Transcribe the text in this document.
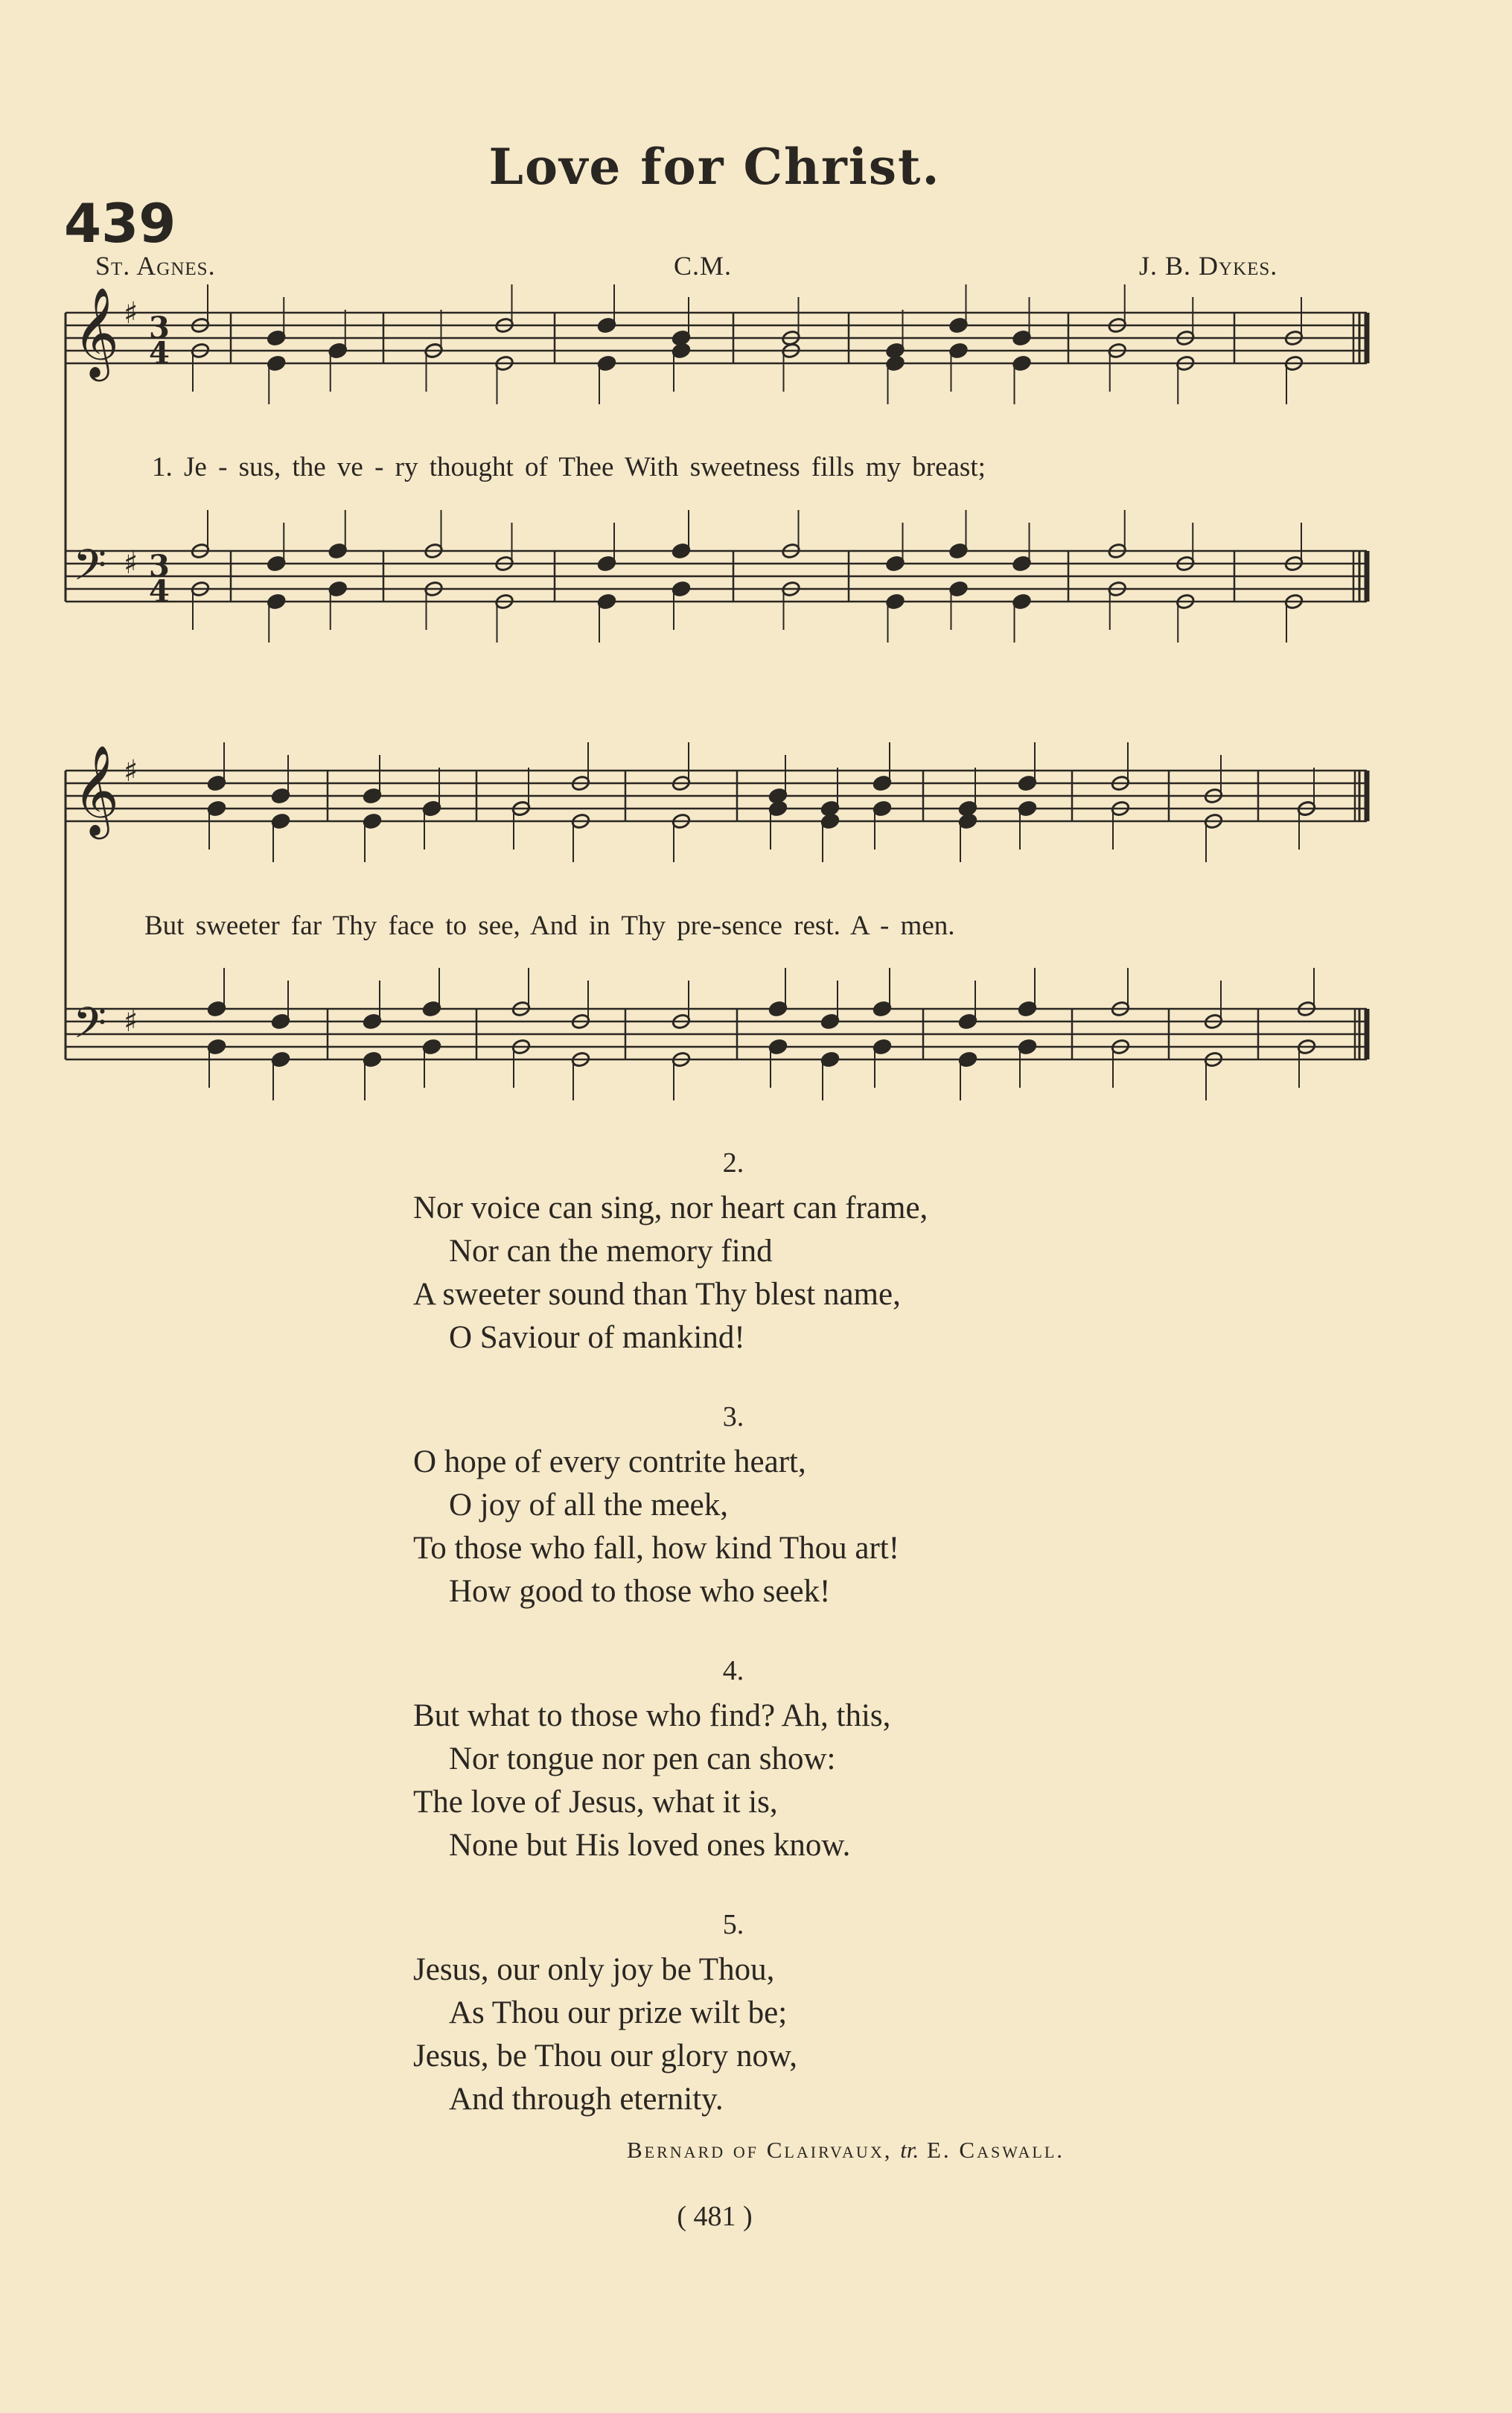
Love for Christ.
439
St. Agnes.	C.M.	J. B. Dykes.
𝄞
𝄢
♯
♯
3
4
3
4
𝄞
𝄢
♯
♯
1. Je - sus, the ve - ry thought of Thee With sweetness fills my breast;
But sweeter far Thy face to see, And in Thy pre-sence rest. A - men.
2.
Nor voice can sing, nor heart can frame,
Nor can the memory find
A sweeter sound than Thy blest name,
O Saviour of mankind!
3.
O hope of every contrite heart,
O joy of all the meek,
To those who fall, how kind Thou art!
How good to those who seek!
4.
But what to those who find? Ah, this,
Nor tongue nor pen can show:
The love of Jesus, what it is,
None but His loved ones know.
5.
Jesus, our only joy be Thou,
As Thou our prize wilt be;
Jesus, be Thou our glory now,
And through eternity.
Bernard of Clairvaux, tr. E. Caswall.
( 481 )
